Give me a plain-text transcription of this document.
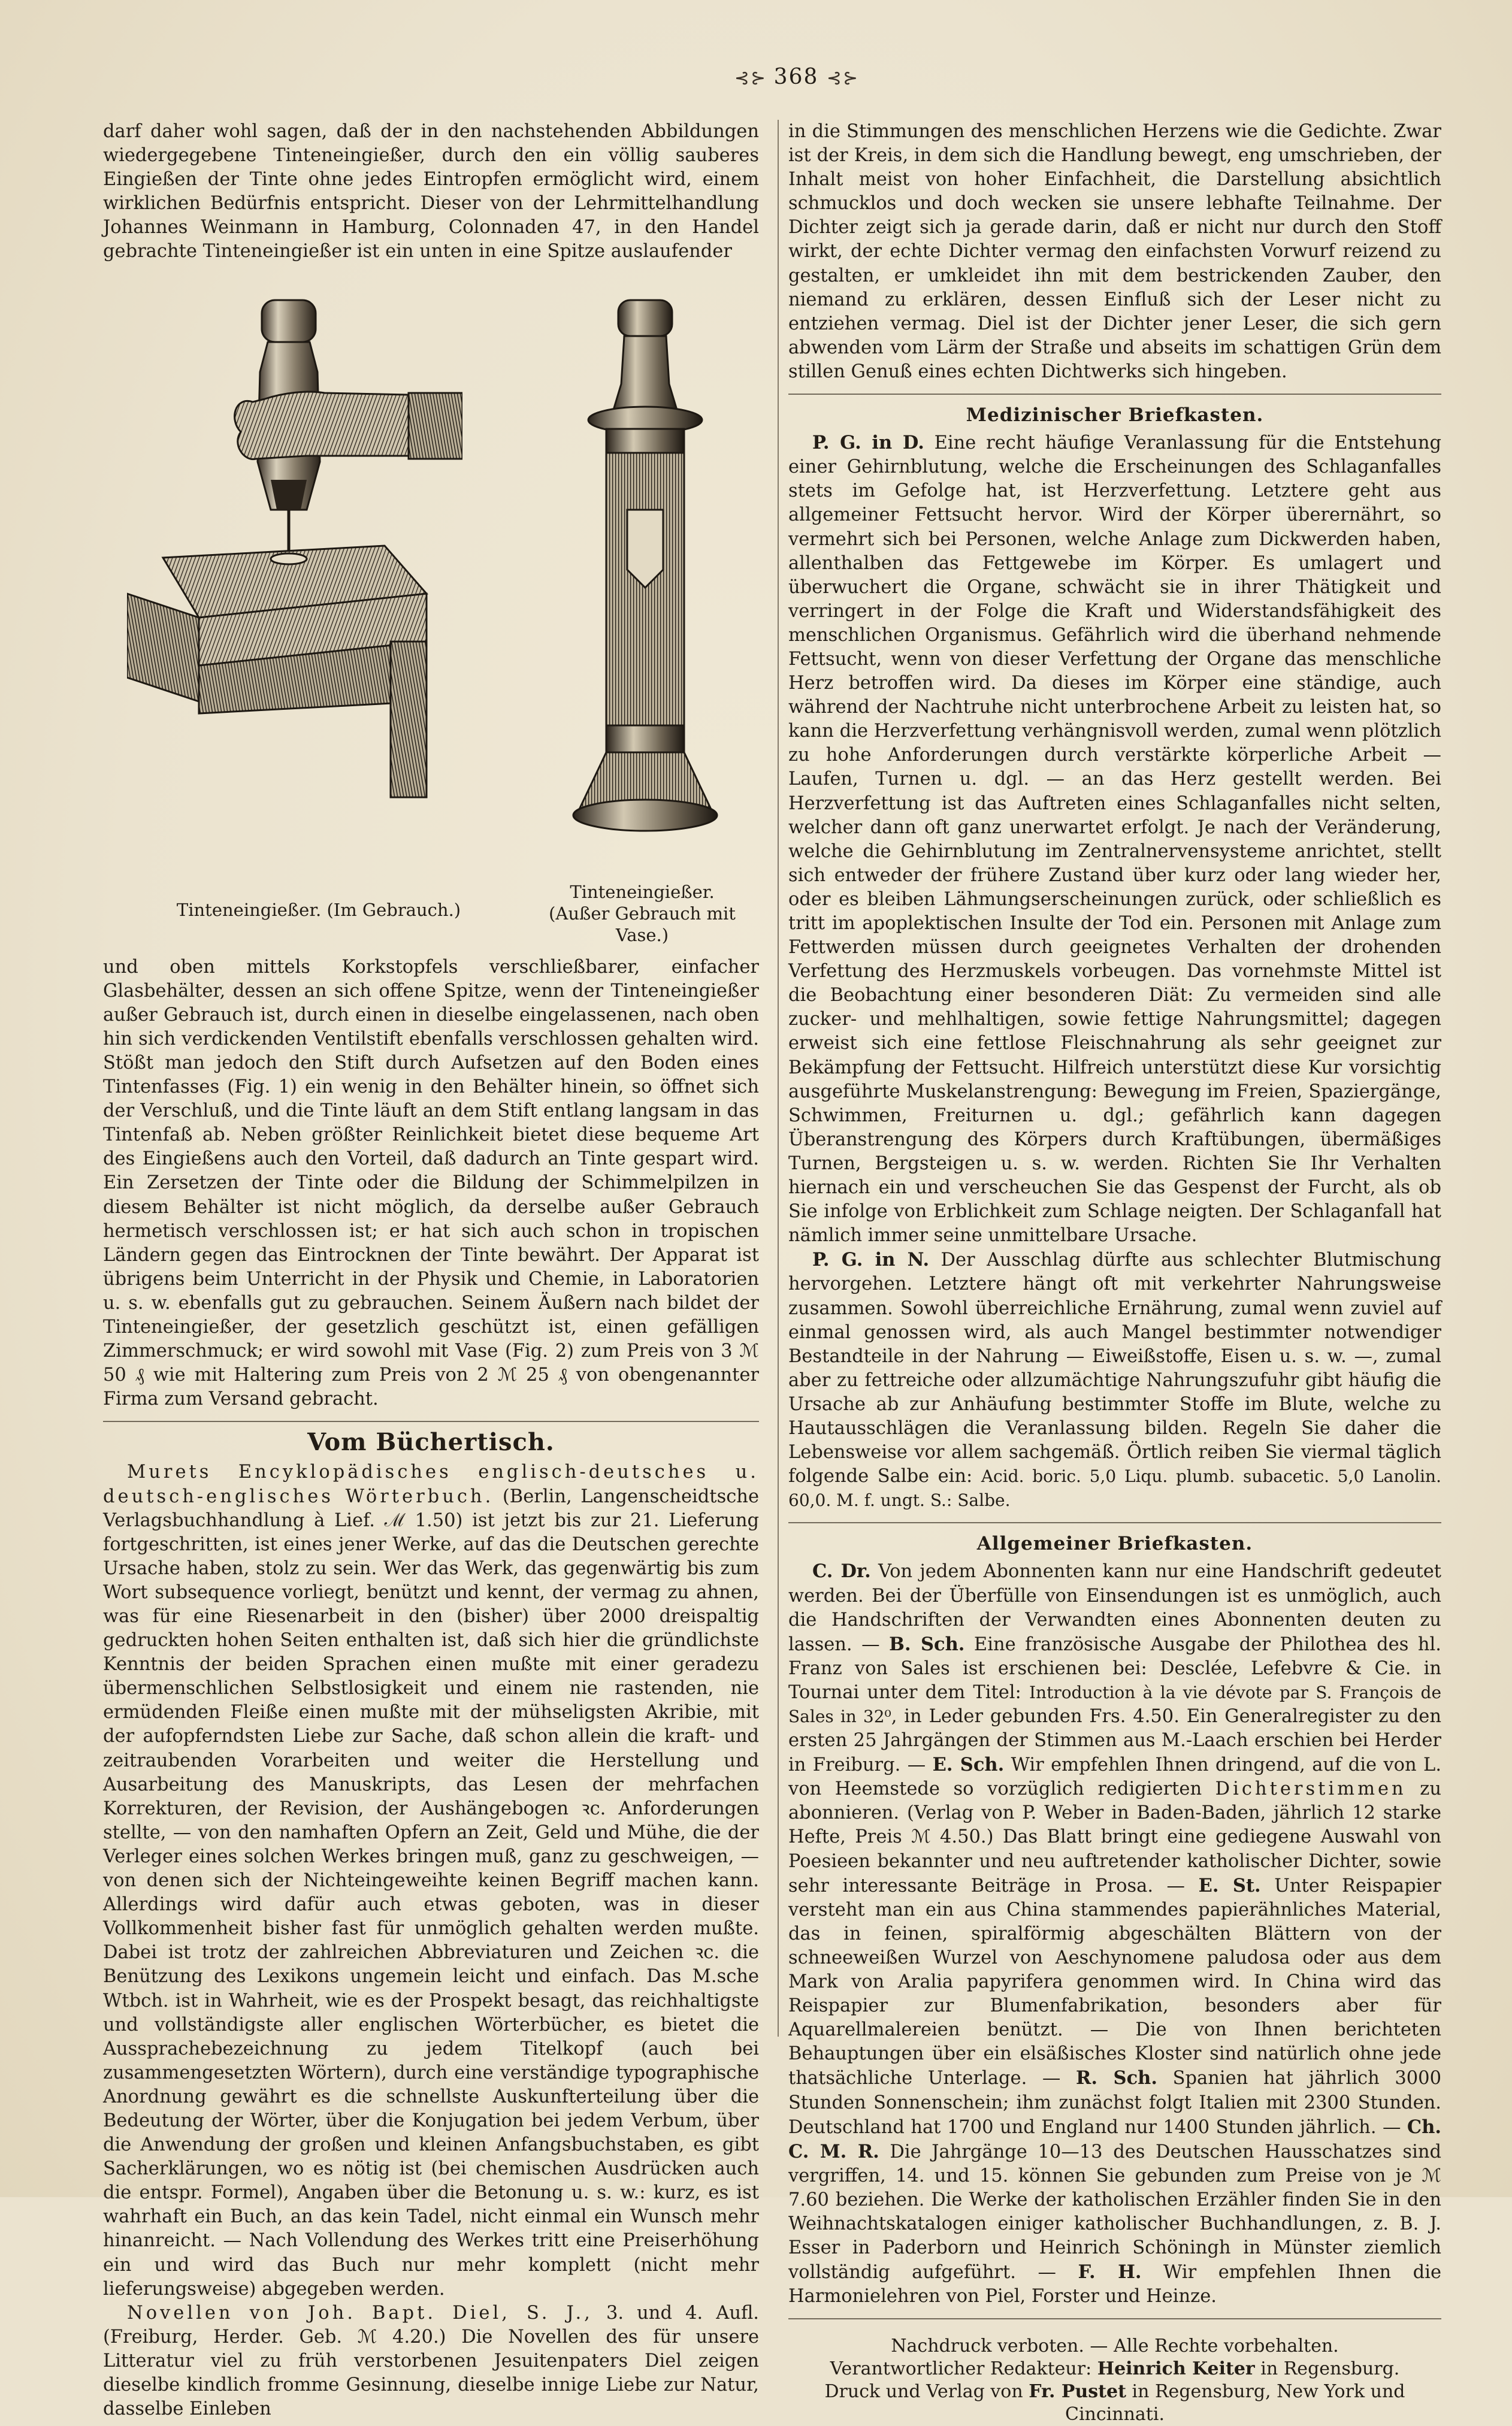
⊰⊱ 368 ⊰⊱

darf daher wohl sagen, daß der in den nachstehenden Abbildungen wiedergegebene Tinteneingießer, durch den ein völlig sauberes Eingießen der Tinte ohne jedes Eintropfen ermöglicht wird, einem wirklichen Bedürfnis entspricht. Dieser von der Lehrmittelhandlung Johannes Weinmann in Hamburg, Colonnaden 47, in den Handel gebrachte Tinteneingießer ist ein unten in eine Spitze auslaufender

Tinteneingießer. (Im Gebrauch.)
Tinteneingießer.
(Außer Gebrauch mit Vase.)

und oben mittels Korkstopfels verschließbarer, einfacher Glasbehälter, dessen an sich offene Spitze, wenn der Tinteneingießer außer Gebrauch ist, durch einen in dieselbe eingelassenen, nach oben hin sich verdickenden Ventilstift ebenfalls verschlossen gehalten wird. Stößt man jedoch den Stift durch Aufsetzen auf den Boden eines Tintenfasses (Fig. 1) ein wenig in den Behälter hinein, so öffnet sich der Verschluß, und die Tinte läuft an dem Stift entlang langsam in das Tintenfaß ab. Neben größter Reinlichkeit bietet diese bequeme Art des Eingießens auch den Vorteil, daß dadurch an Tinte gespart wird. Ein Zersetzen der Tinte oder die Bildung der Schimmelpilzen in diesem Behälter ist nicht möglich, da derselbe außer Gebrauch hermetisch verschlossen ist; er hat sich auch schon in tropischen Ländern gegen das Eintrocknen der Tinte bewährt. Der Apparat ist übrigens beim Unterricht in der Physik und Chemie, in Laboratorien u. s. w. ebenfalls gut zu gebrauchen. Seinem Äußern nach bildet der Tinteneingießer, der gesetzlich geschützt ist, einen gefälligen Zimmerschmuck; er wird sowohl mit Vase (Fig. 2) zum Preis von 3 ℳ 50 ₰ wie mit Haltering zum Preis von 2 ℳ 25 ₰ von obengenannter Firma zum Versand gebracht.

Vom Büchertisch.

Murets Encyklopädisches englisch-deutsches u. deutsch-englisches Wörterbuch. (Berlin, Langenscheidtsche Verlagsbuchhandlung à Lief. ℳ 1.50) ist jetzt bis zur 21. Lieferung fortgeschritten, ist eines jener Werke, auf das die Deutschen gerechte Ursache haben, stolz zu sein. Wer das Werk, das gegenwärtig bis zum Wort subsequence vorliegt, benützt und kennt, der vermag zu ahnen, was für eine Riesenarbeit in den (bisher) über 2000 dreispaltig gedruckten hohen Seiten enthalten ist, daß sich hier die gründlichste Kenntnis der beiden Sprachen einen mußte mit einer geradezu übermenschlichen Selbstlosigkeit und einem nie rastenden, nie ermüdenden Fleiße einen mußte mit der mühseligsten Akribie, mit der aufopferndsten Liebe zur Sache, daß schon allein die kraft- und zeitraubenden Vorarbeiten und weiter die Herstellung und Ausarbeitung des Manuskripts, das Lesen der mehrfachen Korrekturen, der Revision, der Aushängebogen ꝛc. Anforderungen stellte, — von den namhaften Opfern an Zeit, Geld und Mühe, die der Verleger eines solchen Werkes bringen muß, ganz zu geschweigen, — von denen sich der Nichteingeweihte keinen Begriff machen kann. Allerdings wird dafür auch etwas geboten, was in dieser Vollkommenheit bisher fast für unmöglich gehalten werden mußte. Dabei ist trotz der zahlreichen Abbreviaturen und Zeichen ꝛc. die Benützung des Lexikons ungemein leicht und einfach. Das M.sche Wtbch. ist in Wahrheit, wie es der Prospekt besagt, das reichhaltigste und vollständigste aller englischen Wörterbücher, es bietet die Aussprachebezeichnung zu jedem Titelkopf (auch bei zusammengesetzten Wörtern), durch eine verständige typographische Anordnung gewährt es die schnellste Auskunfterteilung über die Bedeutung der Wörter, über die Konjugation bei jedem Verbum, über die Anwendung der großen und kleinen Anfangsbuchstaben, es gibt Sacherklärungen, wo es nötig ist (bei chemischen Ausdrücken auch die entspr. Formel), Angaben über die Betonung u. s. w.: kurz, es ist wahrhaft ein Buch, an das kein Tadel, nicht einmal ein Wunsch mehr hinanreicht. — Nach Vollendung des Werkes tritt eine Preiserhöhung ein und wird das Buch nur mehr komplett (nicht mehr lieferungsweise) abgegeben werden.

Novellen von Joh. Bapt. Diel, S. J., 3. und 4. Aufl. (Freiburg, Herder. Geb. ℳ 4.20.) Die Novellen des für unsere Litteratur viel zu früh verstorbenen Jesuitenpaters Diel zeigen dieselbe kindlich fromme Gesinnung, dieselbe innige Liebe zur Natur, dasselbe Einleben

in die Stimmungen des menschlichen Herzens wie die Gedichte. Zwar ist der Kreis, in dem sich die Handlung bewegt, eng umschrieben, der Inhalt meist von hoher Einfachheit, die Darstellung absichtlich schmucklos und doch wecken sie unsere lebhafte Teilnahme. Der Dichter zeigt sich ja gerade darin, daß er nicht nur durch den Stoff wirkt, der echte Dichter vermag den einfachsten Vorwurf reizend zu gestalten, er umkleidet ihn mit dem bestrickenden Zauber, den niemand zu erklären, dessen Einfluß sich der Leser nicht zu entziehen vermag. Diel ist der Dichter jener Leser, die sich gern abwenden vom Lärm der Straße und abseits im schattigen Grün dem stillen Genuß eines echten Dichtwerks sich hingeben.

Medizinischer Briefkasten.

P. G. in D. Eine recht häufige Veranlassung für die Entstehung einer Gehirnblutung, welche die Erscheinungen des Schlaganfalles stets im Gefolge hat, ist Herzverfettung. Letztere geht aus allgemeiner Fettsucht hervor. Wird der Körper überernährt, so vermehrt sich bei Personen, welche Anlage zum Dickwerden haben, allenthalben das Fettgewebe im Körper. Es umlagert und überwuchert die Organe, schwächt sie in ihrer Thätigkeit und verringert in der Folge die Kraft und Widerstandsfähigkeit des menschlichen Organismus. Gefährlich wird die überhand nehmende Fettsucht, wenn von dieser Verfettung der Organe das menschliche Herz betroffen wird. Da dieses im Körper eine ständige, auch während der Nachtruhe nicht unterbrochene Arbeit zu leisten hat, so kann die Herzverfettung verhängnisvoll werden, zumal wenn plötzlich zu hohe Anforderungen durch verstärkte körperliche Arbeit — Laufen, Turnen u. dgl. — an das Herz gestellt werden. Bei Herzverfettung ist das Auftreten eines Schlaganfalles nicht selten, welcher dann oft ganz unerwartet erfolgt. Je nach der Veränderung, welche die Gehirnblutung im Zentralnervensysteme anrichtet, stellt sich entweder der frühere Zustand über kurz oder lang wieder her, oder es bleiben Lähmungserscheinungen zurück, oder schließlich es tritt im apoplektischen Insulte der Tod ein. Personen mit Anlage zum Fettwerden müssen durch geeignetes Verhalten der drohenden Verfettung des Herzmuskels vorbeugen. Das vornehmste Mittel ist die Beobachtung einer besonderen Diät: Zu vermeiden sind alle zucker- und mehlhaltigen, sowie fettige Nahrungsmittel; dagegen erweist sich eine fettlose Fleischnahrung als sehr geeignet zur Bekämpfung der Fettsucht. Hilfreich unterstützt diese Kur vorsichtig ausgeführte Muskelanstrengung: Bewegung im Freien, Spaziergänge, Schwimmen, Freiturnen u. dgl.; gefährlich kann dagegen Überanstrengung des Körpers durch Kraftübungen, übermäßiges Turnen, Bergsteigen u. s. w. werden. Richten Sie Ihr Verhalten hiernach ein und verscheuchen Sie das Gespenst der Furcht, als ob Sie infolge von Erblichkeit zum Schlage neigten. Der Schlaganfall hat nämlich immer seine unmittelbare Ursache.

P. G. in N. Der Ausschlag dürfte aus schlechter Blutmischung hervorgehen. Letztere hängt oft mit verkehrter Nahrungsweise zusammen. Sowohl überreichliche Ernährung, zumal wenn zuviel auf einmal genossen wird, als auch Mangel bestimmter notwendiger Bestandteile in der Nahrung — Eiweißstoffe, Eisen u. s. w. —, zumal aber zu fettreiche oder allzumächtige Nahrungszufuhr gibt häufig die Ursache ab zur Anhäufung bestimmter Stoffe im Blute, welche zu Hautausschlägen die Veranlassung bilden. Regeln Sie daher die Lebensweise vor allem sachgemäß. Örtlich reiben Sie viermal täglich folgende Salbe ein: Acid. boric. 5,0 Liqu. plumb. subacetic. 5,0 Lanolin. 60,0. M. f. ungt. S.: Salbe.

Allgemeiner Briefkasten.

C. Dr. Von jedem Abonnenten kann nur eine Handschrift gedeutet werden. Bei der Überfülle von Einsendungen ist es unmöglich, auch die Handschriften der Verwandten eines Abonnenten deuten zu lassen. — B. Sch. Eine französische Ausgabe der Philothea des hl. Franz von Sales ist erschienen bei: Desclée, Lefebvre & Cie. in Tournai unter dem Titel: Introduction à la vie dévote par S. François de Sales in 32⁰, in Leder gebunden Frs. 4.50. Ein Generalregister zu den ersten 25 Jahrgängen der Stimmen aus M.-Laach erschien bei Herder in Freiburg. — E. Sch. Wir empfehlen Ihnen dringend, auf die von L. von Heemstede so vorzüglich redigierten Dichterstimmen zu abonnieren. (Verlag von P. Weber in Baden-Baden, jährlich 12 starke Hefte, Preis ℳ 4.50.) Das Blatt bringt eine gediegene Auswahl von Poesieen bekannter und neu auftretender katholischer Dichter, sowie sehr interessante Beiträge in Prosa. — E. St. Unter Reispapier versteht man ein aus China stammendes papierähnliches Material, das in feinen, spiralförmig abgeschälten Blättern von der schneeweißen Wurzel von Aeschynomene paludosa oder aus dem Mark von Aralia papyrifera genommen wird. In China wird das Reispapier zur Blumenfabrikation, besonders aber für Aquarellmalereien benützt. — Die von Ihnen berichteten Behauptungen über ein elsäßisches Kloster sind natürlich ohne jede thatsächliche Unterlage. — R. Sch. Spanien hat jährlich 3000 Stunden Sonnenschein; ihm zunächst folgt Italien mit 2300 Stunden. Deutschland hat 1700 und England nur 1400 Stunden jährlich. — Ch. C. M. R. Die Jahrgänge 10—13 des Deutschen Hausschatzes sind vergriffen, 14. und 15. können Sie gebunden zum Preise von je ℳ 7.60 beziehen. Die Werke der katholischen Erzähler finden Sie in den Weihnachtskatalogen einiger katholischer Buchhandlungen, z. B. J. Esser in Paderborn und Heinrich Schöningh in Münster ziemlich vollständig aufgeführt. — F. H. Wir empfehlen Ihnen die Harmonielehren von Piel, Forster und Heinze.

Nachdruck verboten. — Alle Rechte vorbehalten.
Verantwortlicher Redakteur: Heinrich Keiter in Regensburg.
Druck und Verlag von Fr. Pustet in Regensburg, New York und Cincinnati.
